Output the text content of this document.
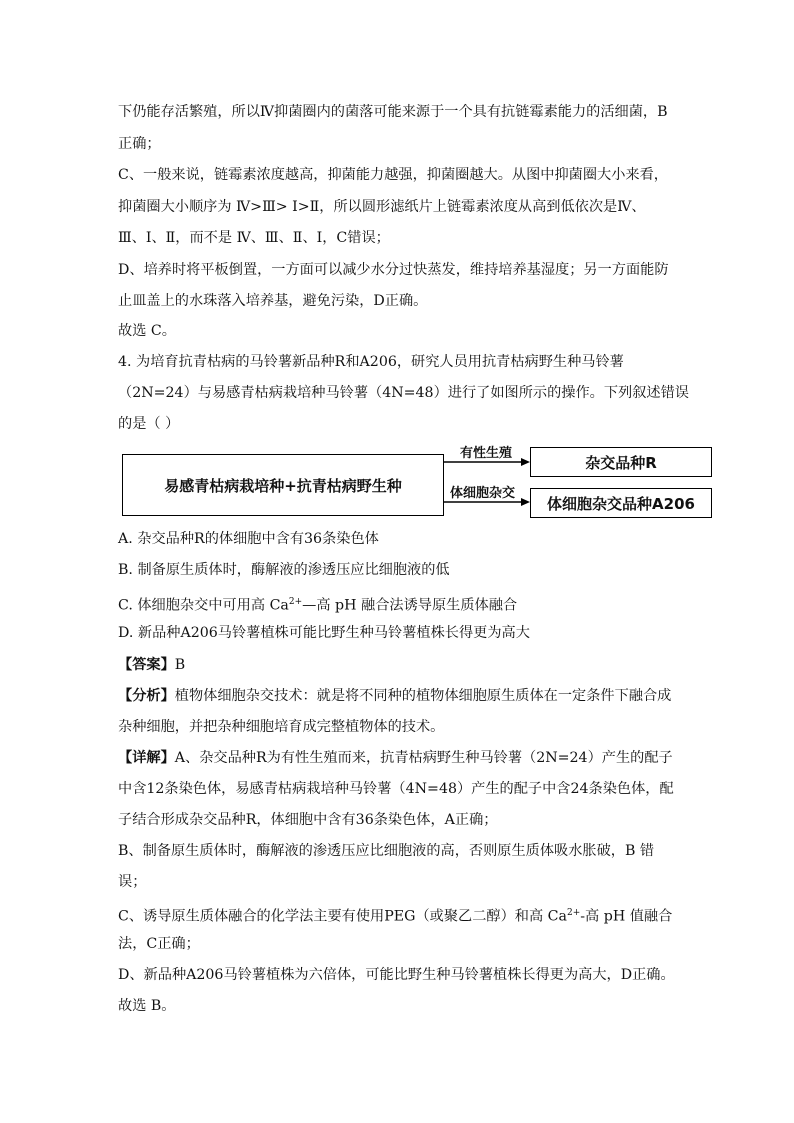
下仍能存活繁殖，所以Ⅳ抑菌圈内的菌落可能来源于一个具有抗链霉素能力的活细菌，B
正确；
C、一般来说，链霉素浓度越高，抑菌能力越强，抑菌圈越大。从图中抑菌圈大小来看，
抑菌圈大小顺序为 Ⅳ>Ⅲ> Ⅰ>Ⅱ，所以圆形滤纸片上链霉素浓度从高到低依次是Ⅳ、
Ⅲ、Ⅰ、Ⅱ，而不是 Ⅳ、Ⅲ、Ⅱ、Ⅰ，C错误；
D、培养时将平板倒置，一方面可以减少水分过快蒸发，维持培养基湿度；另一方面能防
止皿盖上的水珠落入培养基，避免污染，D正确。
故选 C。
4. 为培育抗青枯病的马铃薯新品种R和A206，研究人员用抗青枯病野生种马铃薯
（2N=24）与易感青枯病栽培种马铃薯（4N=48）进行了如图所示的操作。下列叙述错误
的是（ ）
易感青枯病栽培种+抗青枯病野生种
杂交品种R
体细胞杂交品种A206
有性生殖
体细胞杂交
A. 杂交品种R的体细胞中含有36条染色体
B. 制备原生质体时，酶解液的渗透压应比细胞液的低
C. 体细胞杂交中可用高 $Ca^{2+}—$高 pH 融合法诱导原生质体融合
D. 新品种A206马铃薯植株可能比野生种马铃薯植株长得更为高大
【答案】B
【分析】植物体细胞杂交技术：就是将不同种的植物体细胞原生质体在一定条件下融合成
杂种细胞，并把杂种细胞培育成完整植物体的技术。
【详解】A、杂交品种R为有性生殖而来，抗青枯病野生种马铃薯（2N=24）产生的配子
中含12条染色体，易感青枯病栽培种马铃薯（4N=48）产生的配子中含24条染色体，配
子结合形成杂交品种R，体细胞中含有36条染色体，A正确；
B、制备原生质体时，酶解液的渗透压应比细胞液的高，否则原生质体吸水胀破，B 错
误；
C、诱导原生质体融合的化学法主要有使用PEG（或聚乙二醇）和高 $Ca^{2+}-$高 pH 值融合
法，C正确；
D、新品种A206马铃薯植株为六倍体，可能比野生种马铃薯植株长得更为高大，D正确。
故选 B。
